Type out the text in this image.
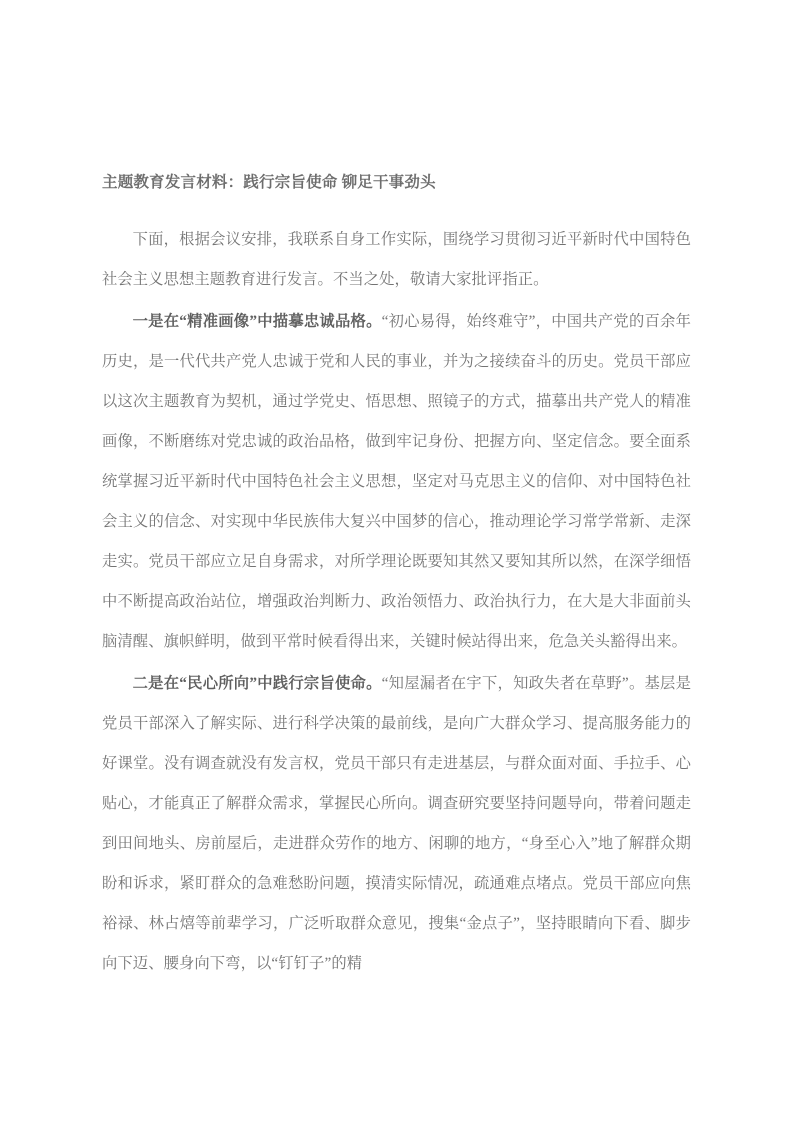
主题教育发言材料：践行宗旨使命 铆足干事劲头

下面，根据会议安排，我联系自身工作实际，围绕学习贯彻习近平新时代中国特色社会主义思想主题教育进行发言。不当之处，敬请大家批评指正。

一是在“精准画像”中描摹忠诚品格。“初心易得，始终难守”，中国共产党的百余年历史，是一代代共产党人忠诚于党和人民的事业，并为之接续奋斗的历史。党员干部应以这次主题教育为契机，通过学党史、悟思想、照镜子的方式，描摹出共产党人的精准画像，不断磨练对党忠诚的政治品格，做到牢记身份、把握方向、坚定信念。要全面系统掌握习近平新时代中国特色社会主义思想，坚定对马克思主义的信仰、对中国特色社会主义的信念、对实现中华民族伟大复兴中国梦的信心，推动理论学习常学常新、走深走实。党员干部应立足自身需求，对所学理论既要知其然又要知其所以然，在深学细悟中不断提高政治站位，增强政治判断力、政治领悟力、政治执行力，在大是大非面前头脑清醒、旗帜鲜明，做到平常时候看得出来，关键时候站得出来，危急关头豁得出来。

二是在“民心所向”中践行宗旨使命。“知屋漏者在宇下，知政失者在草野”。基层是党员干部深入了解实际、进行科学决策的最前线，是向广大群众学习、提高服务能力的好课堂。没有调查就没有发言权，党员干部只有走进基层，与群众面对面、手拉手、心贴心，才能真正了解群众需求，掌握民心所向。调查研究要坚持问题导向，带着问题走到田间地头、房前屋后，走进群众劳作的地方、闲聊的地方，“身至心入”地了解群众期盼和诉求，紧盯群众的急难愁盼问题，摸清实际情况，疏通难点堵点。党员干部应向焦裕禄、林占熺等前辈学习，广泛听取群众意见，搜集“金点子”，坚持眼睛向下看、脚步向下迈、腰身向下弯，以“钉钉子”的精
